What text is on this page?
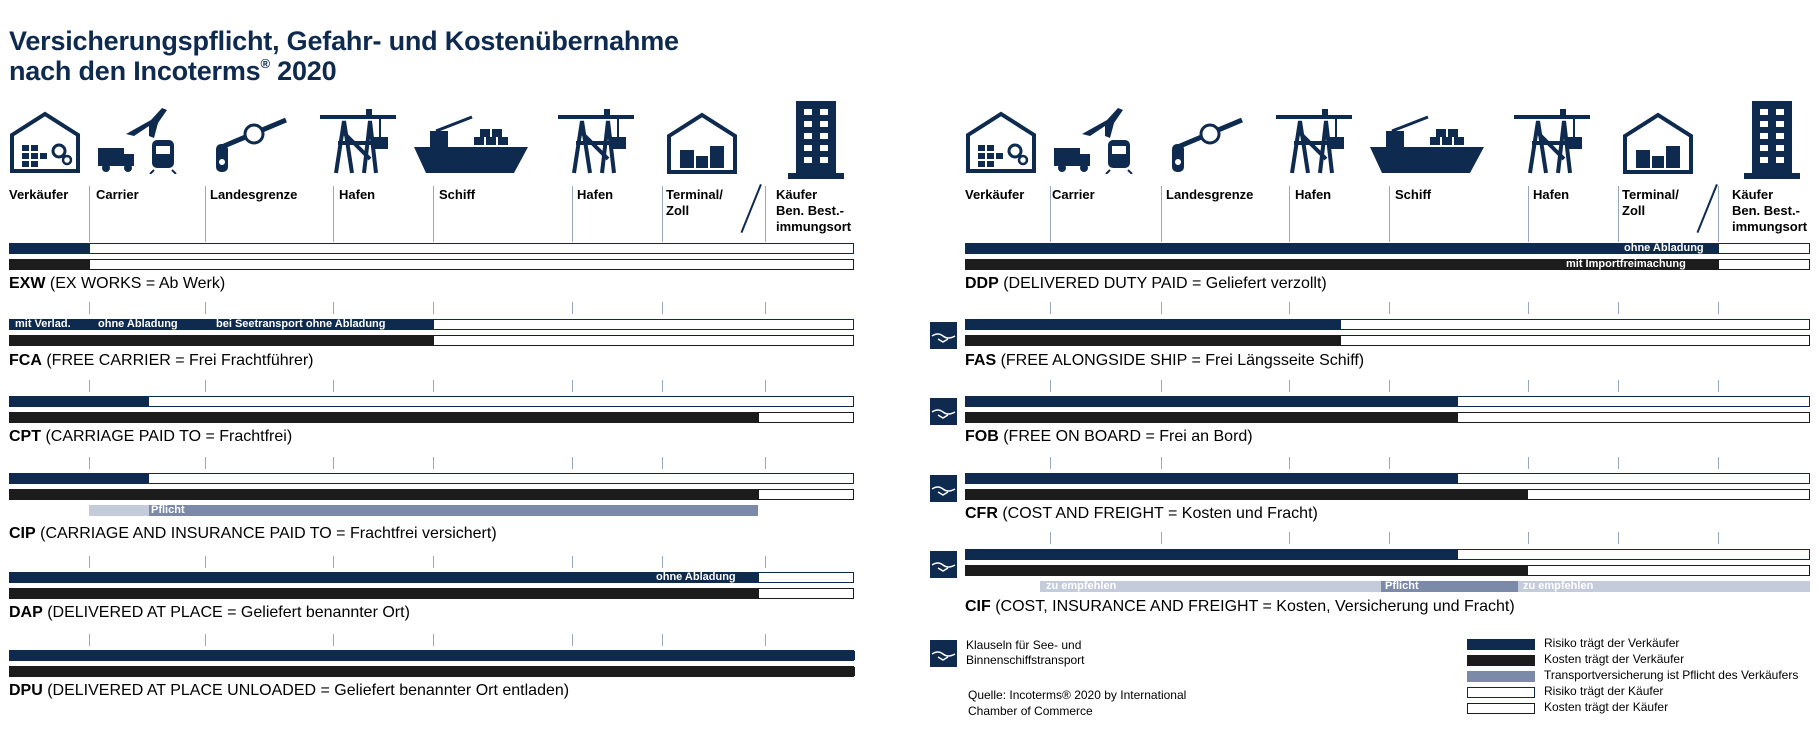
Versicherungspflicht, Gefahr- und Kostenübernahme
nach den Incoterms® 2020
Verkäufer Carrier	Landesgrenze	Hafen	Schiff	Hafen	Terminal/
Zoll
Käufer
Ben. Best.-
immungsort
EXW (EX WORKS = Ab Werk)
mit Verlad. ohne Abladung	bei Seetransport ohne Abladung
FCA (FREE CARRIER = Frei Frachtführer)
CPT (CARRIAGE PAID TO = Frachtfrei)
Pflicht
CIP (CARRIAGE AND INSURANCE PAID TO = Frachtfrei versichert)
ohne Abladung
DAP (DELIVERED AT PLACE = Geliefert benannter Ort)
DPU (DELIVERED AT PLACE UNLOADED = Geliefert benannter Ort entladen)
Verkäufer Carrier	Landesgrenze	Hafen	Schiff	Hafen	Terminal/
Zoll
Käufer
Ben. Best.-
immungsort
ohne Abladung
mit Importfreimachung
DDP (DELIVERED DUTY PAID = Geliefert verzollt)
FAS (FREE ALONGSIDE SHIP = Frei Längsseite Schiff)
FOB (FREE ON BOARD = Frei an Bord)
CFR (COST AND FREIGHT = Kosten und Fracht)
zu empfehlen	Pflicht	zu empfehlen
CIF (COST, INSURANCE AND FREIGHT = Kosten, Versicherung und Fracht)
Klauseln für See- und
Binnenschiffstransport
Quelle: Incoterms® 2020 by International
Chamber of Commerce
Risiko trägt der Verkäufer
Kosten trägt der Verkäufer
Transportversicherung ist Pflicht des Verkäufers
Risiko trägt der Käufer
Kosten trägt der Käufer
